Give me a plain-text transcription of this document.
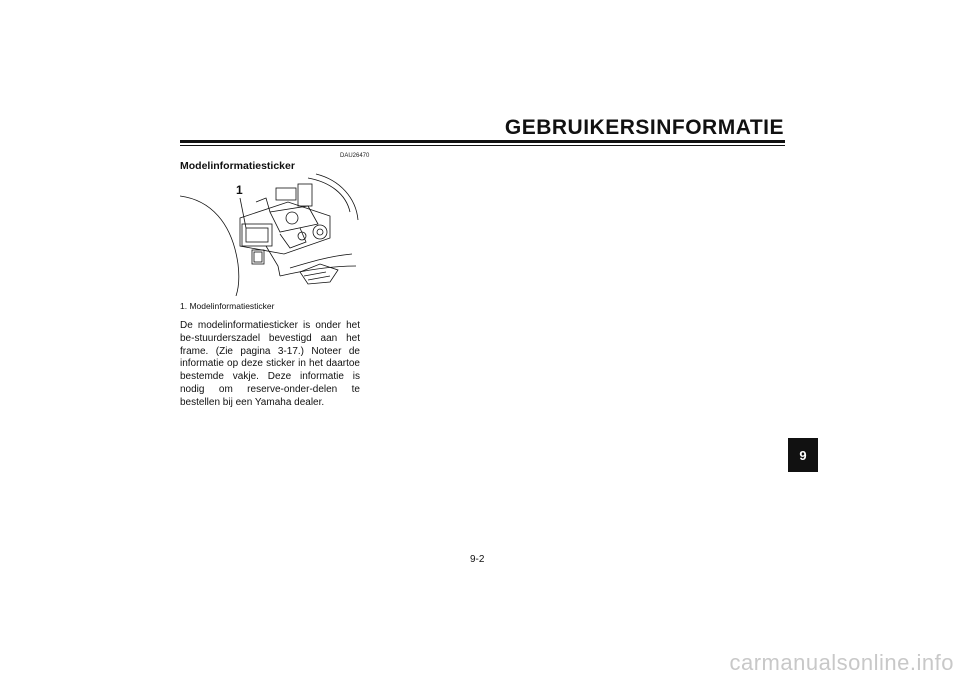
GEBRUIKERSINFORMATIE
DAU26470
Modelinformatiesticker
1
1. Modelinformatiesticker

De modelinformatiesticker is onder het be-stuurderszadel bevestigd aan het frame. (Zie pagina 3-17.) Noteer de informatie op deze sticker in het daartoe bestemde vakje. Deze informatie is nodig om reserve-onder-delen te bestellen bij een Yamaha dealer.

9
9-2
carmanualsonline.info
